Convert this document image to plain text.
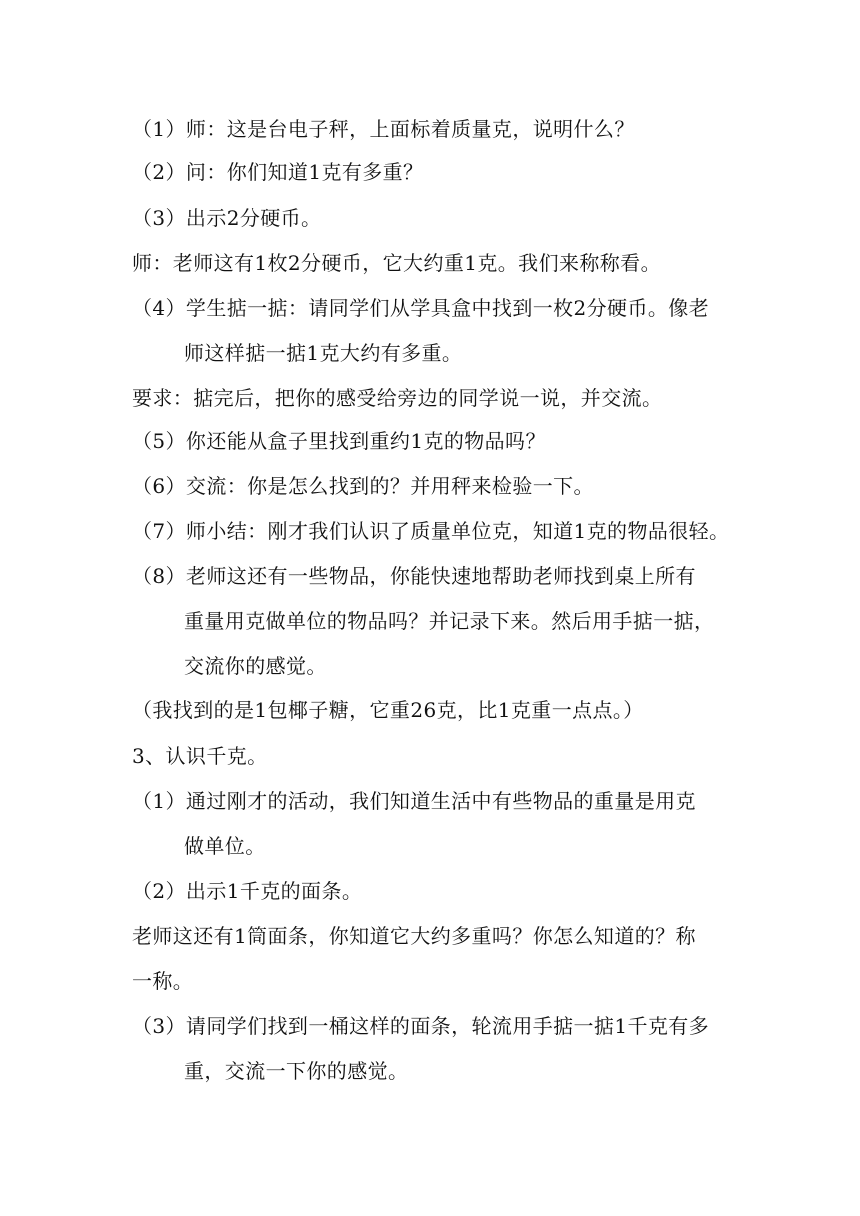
（1）师：这是台电子秤，上面标着质量克，说明什么？
（2）问：你们知道1克有多重？
（3）出示2分硬币。
师：老师这有1枚2分硬币，它大约重1克。我们来称称看。
（4）学生掂一掂：请同学们从学具盒中找到一枚2分硬币。像老
师这样掂一掂1克大约有多重。
要求：掂完后，把你的感受给旁边的同学说一说，并交流。
（5）你还能从盒子里找到重约1克的物品吗？
（6）交流：你是怎么找到的？并用秤来检验一下。
（7）师小结：刚才我们认识了质量单位克，知道1克的物品很轻。
（8）老师这还有一些物品，你能快速地帮助老师找到桌上所有
重量用克做单位的物品吗？并记录下来。然后用手掂一掂，
交流你的感觉。
（我找到的是1包椰子糖，它重26克，比1克重一点点。）
3、认识千克。
（1）通过刚才的活动，我们知道生活中有些物品的重量是用克
做单位。
（2）出示1千克的面条。
老师这还有1筒面条，你知道它大约多重吗？你怎么知道的？称
一称。
（3）请同学们找到一桶这样的面条，轮流用手掂一掂1千克有多
重，交流一下你的感觉。
